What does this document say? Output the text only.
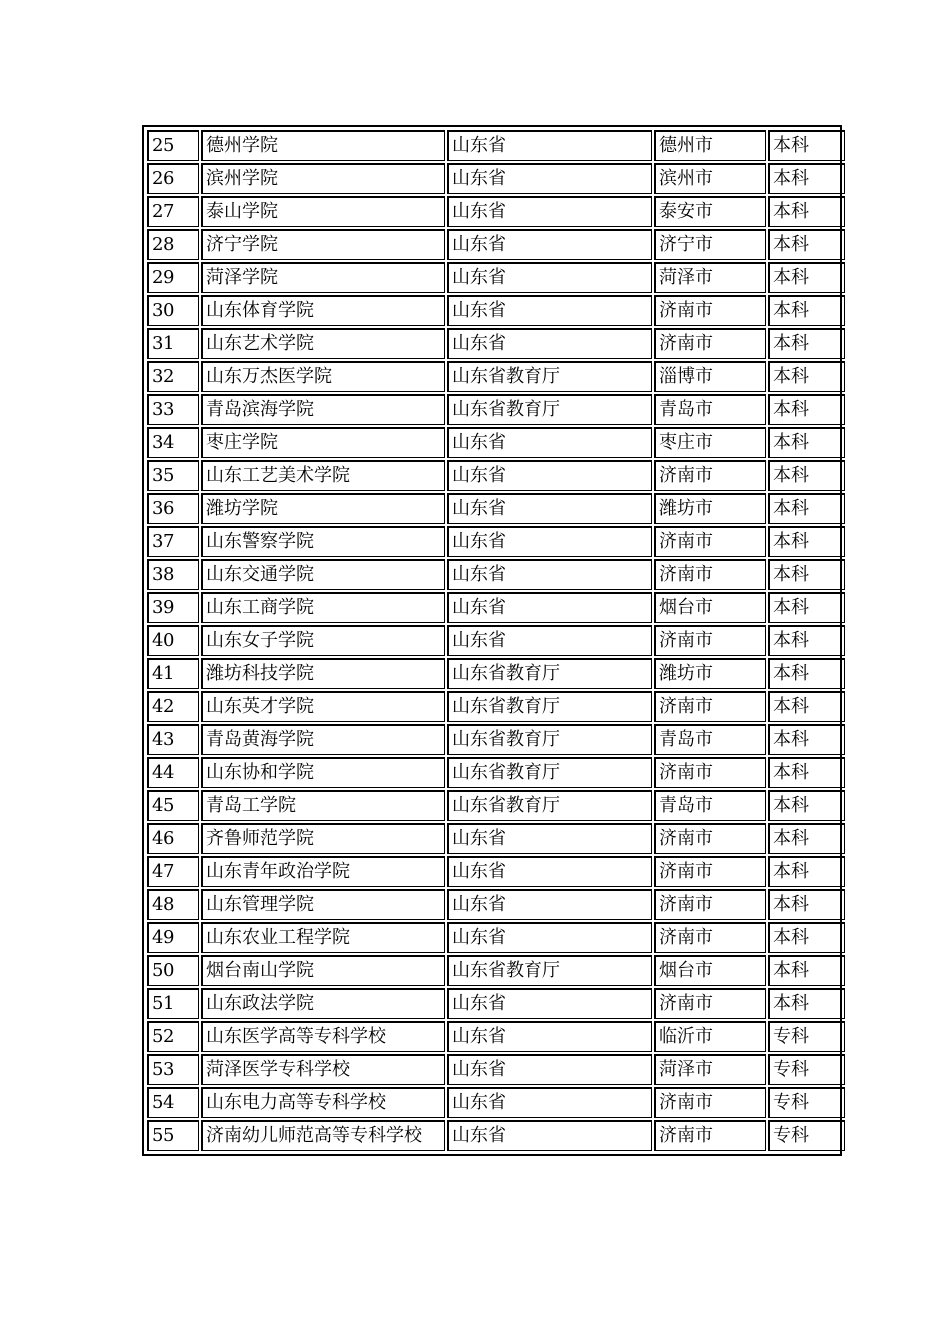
25	德州学院	山东省	德州市	本科
26	滨州学院	山东省	滨州市	本科
27	泰山学院	山东省	泰安市	本科
28	济宁学院	山东省	济宁市	本科
29	菏泽学院	山东省	菏泽市	本科
30	山东体育学院	山东省	济南市	本科
31	山东艺术学院	山东省	济南市	本科
32	山东万杰医学院	山东省教育厅	淄博市	本科
33	青岛滨海学院	山东省教育厅	青岛市	本科
34	枣庄学院	山东省	枣庄市	本科
35	山东工艺美术学院	山东省	济南市	本科
36	潍坊学院	山东省	潍坊市	本科
37	山东警察学院	山东省	济南市	本科
38	山东交通学院	山东省	济南市	本科
39	山东工商学院	山东省	烟台市	本科
40	山东女子学院	山东省	济南市	本科
41	潍坊科技学院	山东省教育厅	潍坊市	本科
42	山东英才学院	山东省教育厅	济南市	本科
43	青岛黄海学院	山东省教育厅	青岛市	本科
44	山东协和学院	山东省教育厅	济南市	本科
45	青岛工学院	山东省教育厅	青岛市	本科
46	齐鲁师范学院	山东省	济南市	本科
47	山东青年政治学院	山东省	济南市	本科
48	山东管理学院	山东省	济南市	本科
49	山东农业工程学院	山东省	济南市	本科
50	烟台南山学院	山东省教育厅	烟台市	本科
51	山东政法学院	山东省	济南市	本科
52	山东医学高等专科学校	山东省	临沂市	专科
53	菏泽医学专科学校	山东省	菏泽市	专科
54	山东电力高等专科学校	山东省	济南市	专科
55	济南幼儿师范高等专科学校	山东省	济南市	专科
